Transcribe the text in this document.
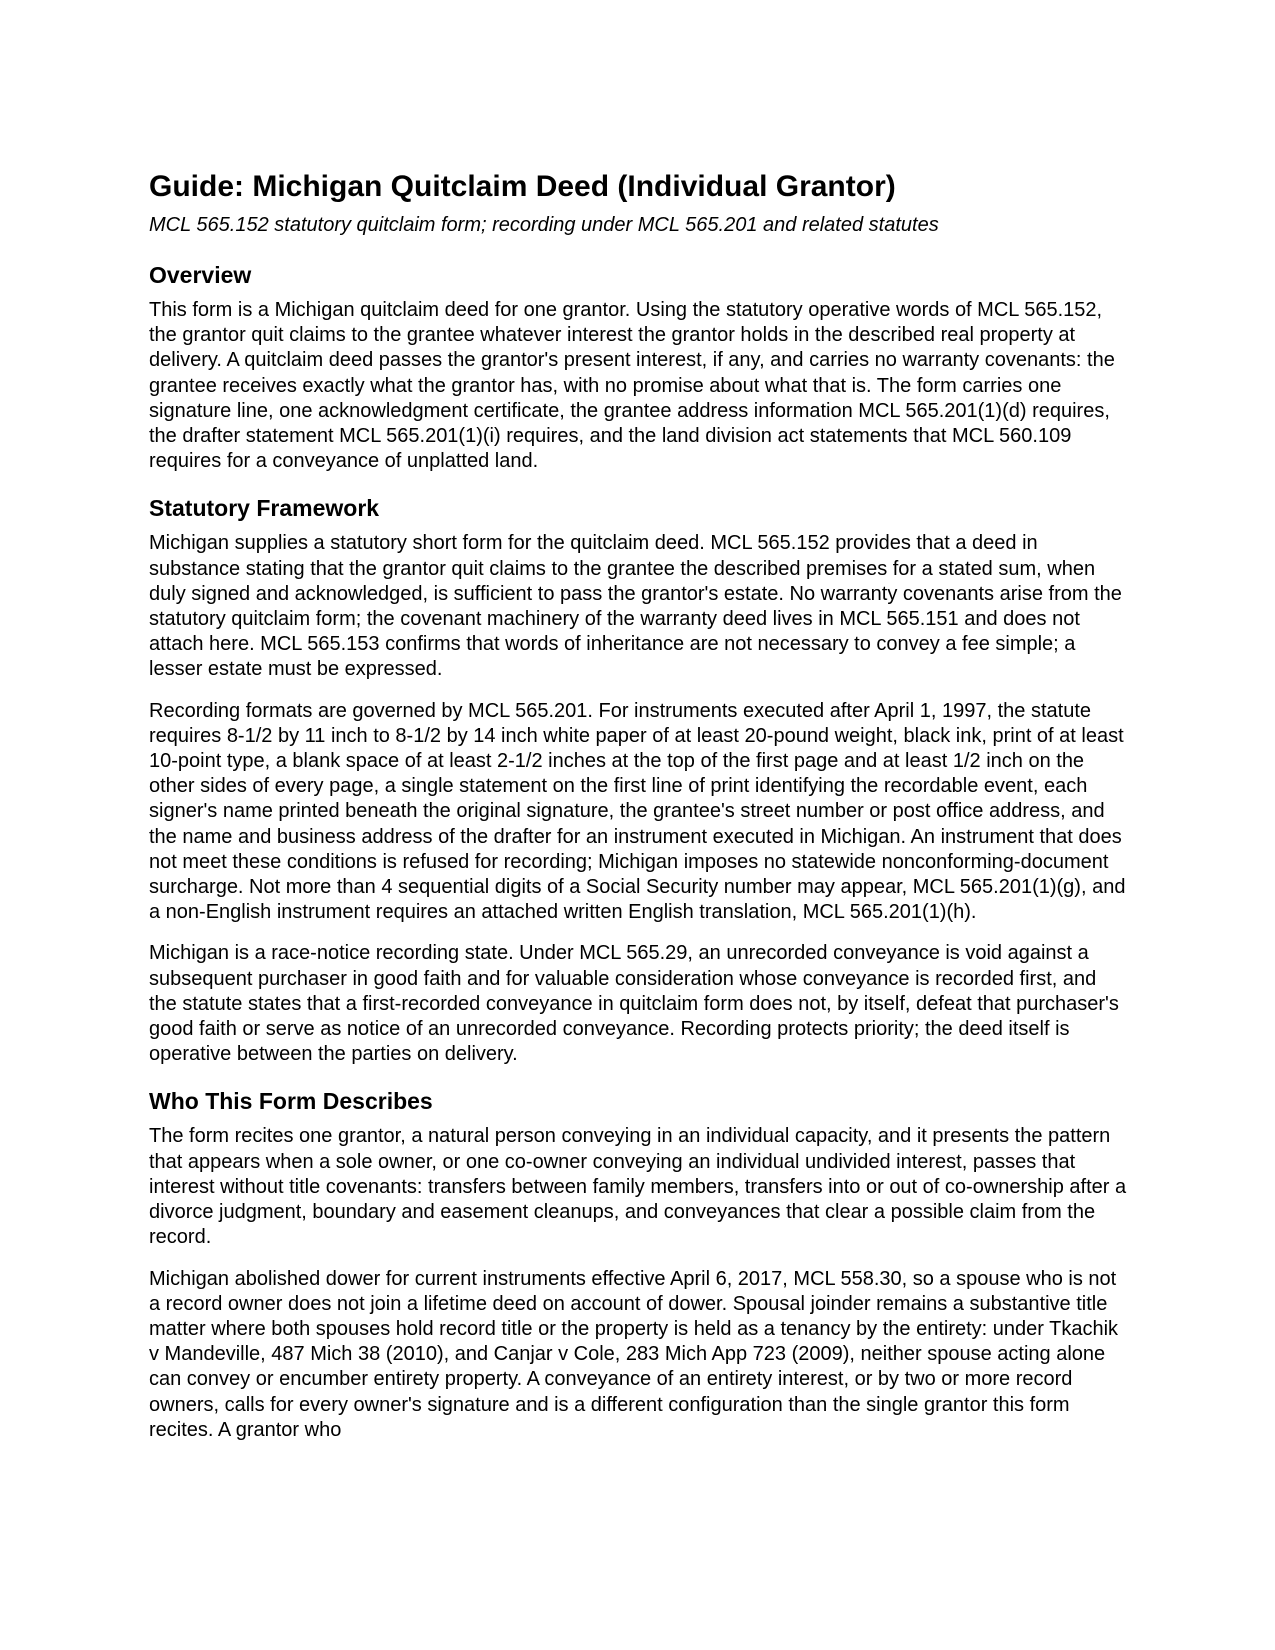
Guide: Michigan Quitclaim Deed (Individual Grantor)
MCL 565.152 statutory quitclaim form; recording under MCL 565.201 and related statutes
Overview

This form is a Michigan quitclaim deed for one grantor. Using the statutory operative words of MCL 565.152, the grantor quit claims to the grantee whatever interest the grantor holds in the described real property at delivery. A quitclaim deed passes the grantor's present interest, if any, and carries no warranty covenants: the grantee receives exactly what the grantor has, with no promise about what that is. The form carries one signature line, one acknowledgment certificate, the grantee address information MCL 565.201(1)(d) requires, the drafter statement MCL 565.201(1)(i) requires, and the land division act statements that MCL 560.109 requires for a conveyance of unplatted land.

Statutory Framework

Michigan supplies a statutory short form for the quitclaim deed. MCL 565.152 provides that a deed in substance stating that the grantor quit claims to the grantee the described premises for a stated sum, when duly signed and acknowledged, is sufficient to pass the grantor's estate. No warranty covenants arise from the statutory quitclaim form; the covenant machinery of the warranty deed lives in MCL 565.151 and does not attach here. MCL 565.153 confirms that words of inheritance are not necessary to convey a fee simple; a lesser estate must be expressed.

Recording formats are governed by MCL 565.201. For instruments executed after April 1, 1997, the statute requires 8-1/2 by 11 inch to 8-1/2 by 14 inch white paper of at least 20-pound weight, black ink, print of at least 10-point type, a blank space of at least 2-1/2 inches at the top of the first page and at least 1/2 inch on the other sides of every page, a single statement on the first line of print identifying the recordable event, each signer's name printed beneath the original signature, the grantee's street number or post office address, and the name and business address of the drafter for an instrument executed in Michigan. An instrument that does not meet these conditions is refused for recording; Michigan imposes no statewide nonconforming-document surcharge. Not more than 4 sequential digits of a Social Security number may appear, MCL 565.201(1)(g), and a non-English instrument requires an attached written English translation, MCL 565.201(1)(h).

Michigan is a race-notice recording state. Under MCL 565.29, an unrecorded conveyance is void against a subsequent purchaser in good faith and for valuable consideration whose conveyance is recorded first, and the statute states that a first-recorded conveyance in quitclaim form does not, by itself, defeat that purchaser's good faith or serve as notice of an unrecorded conveyance. Recording protects priority; the deed itself is operative between the parties on delivery.

Who This Form Describes

The form recites one grantor, a natural person conveying in an individual capacity, and it presents the pattern that appears when a sole owner, or one co-owner conveying an individual undivided interest, passes that interest without title covenants: transfers between family members, transfers into or out of co-ownership after a divorce judgment, boundary and easement cleanups, and conveyances that clear a possible claim from the record.

Michigan abolished dower for current instruments effective April 6, 2017, MCL 558.30, so a spouse who is not a record owner does not join a lifetime deed on account of dower. Spousal joinder remains a substantive title matter where both spouses hold record title or the property is held as a tenancy by the entirety: under Tkachik v Mandeville, 487 Mich 38 (2010), and Canjar v Cole, 283 Mich App 723 (2009), neither spouse acting alone can convey or encumber entirety property. A conveyance of an entirety interest, or by two or more record owners, calls for every owner's signature and is a different configuration than the single grantor this form recites. A grantor who
